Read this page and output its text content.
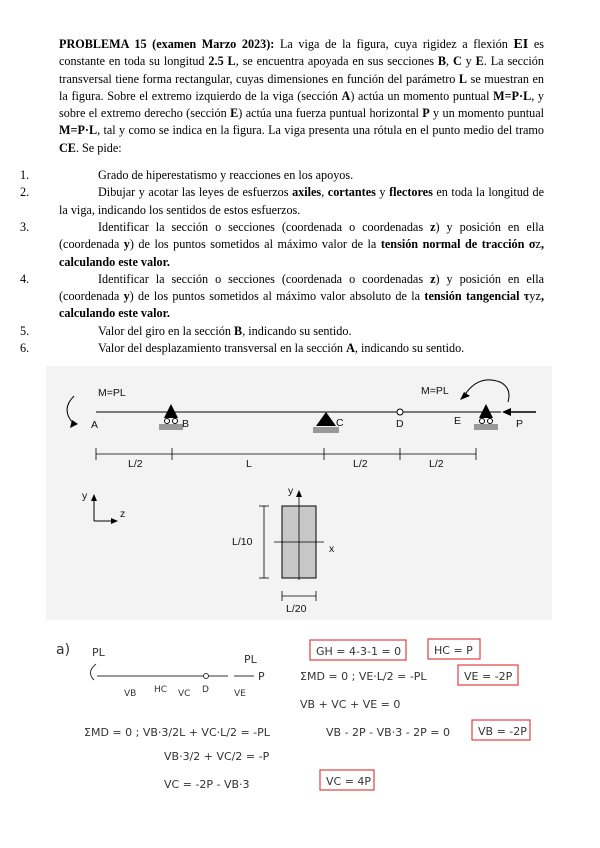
PROBLEMA 15 (examen Marzo 2023): La viga de la figura, cuya rigidez a flexión EI es constante en toda su longitud 2.5 L, se encuentra apoyada en sus secciones B, C y E. La sección transversal tiene forma rectangular, cuyas dimensiones en función del parámetro L se muestran en la figura. Sobre el extremo izquierdo de la viga (sección A) actúa un momento puntual M=P·L, y sobre el extremo derecho (sección E) actúa una fuerza puntual horizontal P y un momento puntual M=P·L, tal y como se indica en la figura. La viga presenta una rótula en el punto medio del tramo CE. Se pide:

1.	Grado de hiperestatismo y reacciones en los apoyos.
2.	Dibujar y acotar las leyes de esfuerzos axiles, cortantes y flectores en toda la longitud de la viga, indicando los sentidos de estos esfuerzos.
3.	Identificar la sección o secciones (coordenada o coordenadas z) y posición en ella (coordenada y) de los puntos sometidos al máximo valor de la tensión normal de tracción σz, calculando este valor.
4.	Identificar la sección o secciones (coordenada o coordenadas z) y posición en ella (coordenada y) de los puntos sometidos al máximo valor absoluto de la tensión tangencial τyz, calculando este valor.
5.	Valor del giro en la sección B, indicando su sentido.
6.	Valor del desplazamiento transversal en la sección A, indicando su sentido.
M=PL	M=PL
A	B	C	D	E	P
L/2	L	L/2	L/2
y
z
y
x
L/10
L/20
a) PL
PL
P
VB HC VC D	VE
GH = 4-3-1 = 0	HC = P
ΣMD = 0 ; VE·L/2 = -PL	VE = -2P
VB + VC + VE = 0
ΣMD = 0 ; VB·3/2L + VC·L/2 = -PL	VB - 2P - VB·3 - 2P = 0	VB = -2P
VB·3/2 + VC/2 = -P
VC = -2P - VB·3	VC = 4P
